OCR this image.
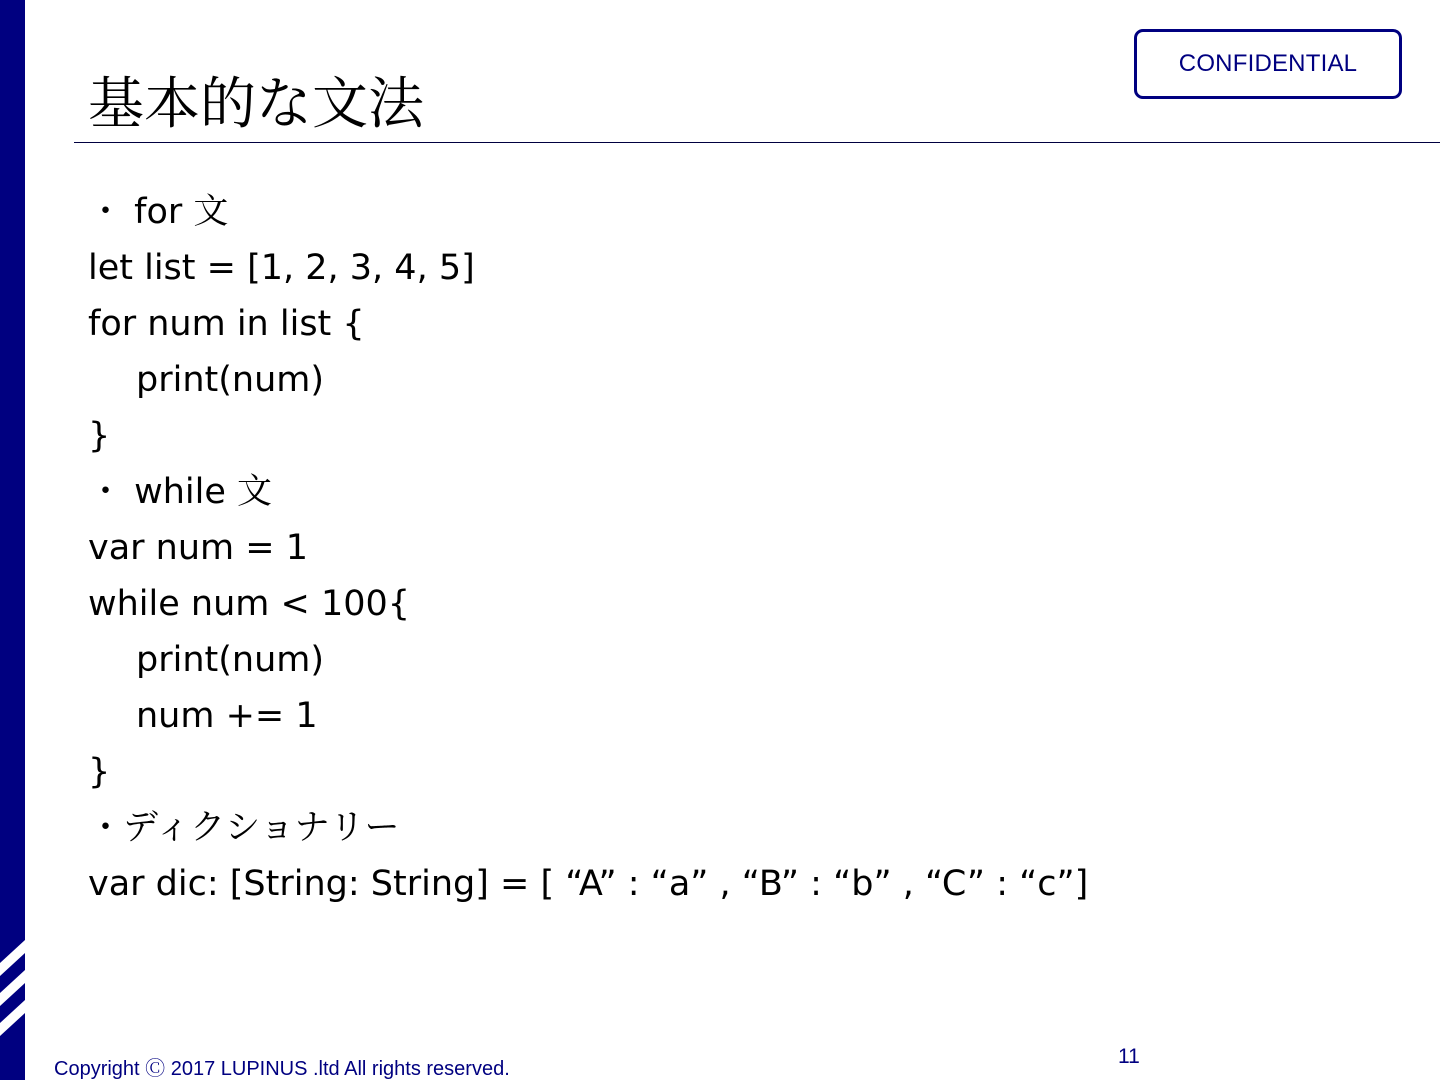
基本的な文法
CONFIDENTIAL
・ for 文
let list = [1, 2, 3, 4, 5]
for num in list {
print(num)
}
・ while 文
var num = 1
while num < 100{
print(num)
num += 1
}
・ディクショナリー
var dic: [String: String] = [ “A” : “a” , “B” : “b” , “C” : “c”]
Copyright Ⓒ 2017 LUPINUS .ltd All rights reserved.
11
